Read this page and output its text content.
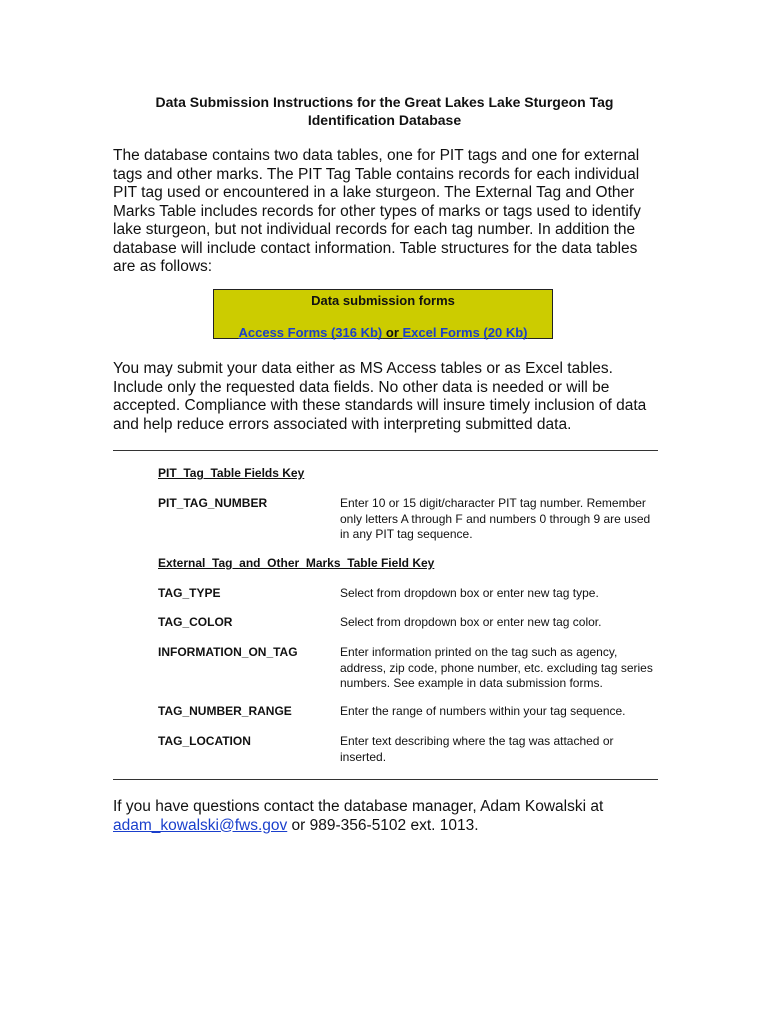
Data Submission Instructions for the Great Lakes Lake Sturgeon Tag
Identification Database

The database contains two data tables, one for PIT tags and one for external tags and other marks. The PIT Tag Table contains records for each individual PIT tag used or encountered in a lake sturgeon. The External Tag and Other Marks Table includes records for other types of marks or tags used to identify lake sturgeon, but not individual records for each tag number. In addition the database will include contact information. Table structures for the data tables are as follows:

Data submission forms
Access Forms (316 Kb) or Excel Forms (20 Kb)

You may submit your data either as MS Access tables or as Excel tables. Include only the requested data fields. No other data is needed or will be accepted. Compliance with these standards will insure timely inclusion of data and help reduce errors associated with interpreting submitted data.

PIT_Tag_Table Fields Key
PIT_TAG_NUMBER	Enter 10 or 15 digit/character PIT tag number. Remember only letters A through F and numbers 0 through 9 are used in any PIT tag sequence.
External_Tag_and_Other_Marks_Table Field Key
TAG_TYPE	Select from dropdown box or enter new tag type.
TAG_COLOR	Select from dropdown box or enter new tag color.
INFORMATION_ON_TAG	Enter information printed on the tag such as agency, address, zip code, phone number, etc. excluding tag series numbers. See example in data submission forms.
TAG_NUMBER_RANGE	Enter the range of numbers within your tag sequence.
TAG_LOCATION	Enter text describing where the tag was attached or inserted.

If you have questions contact the database manager, Adam Kowalski at
adam_kowalski@fws.gov or 989-356-5102 ext. 1013.
